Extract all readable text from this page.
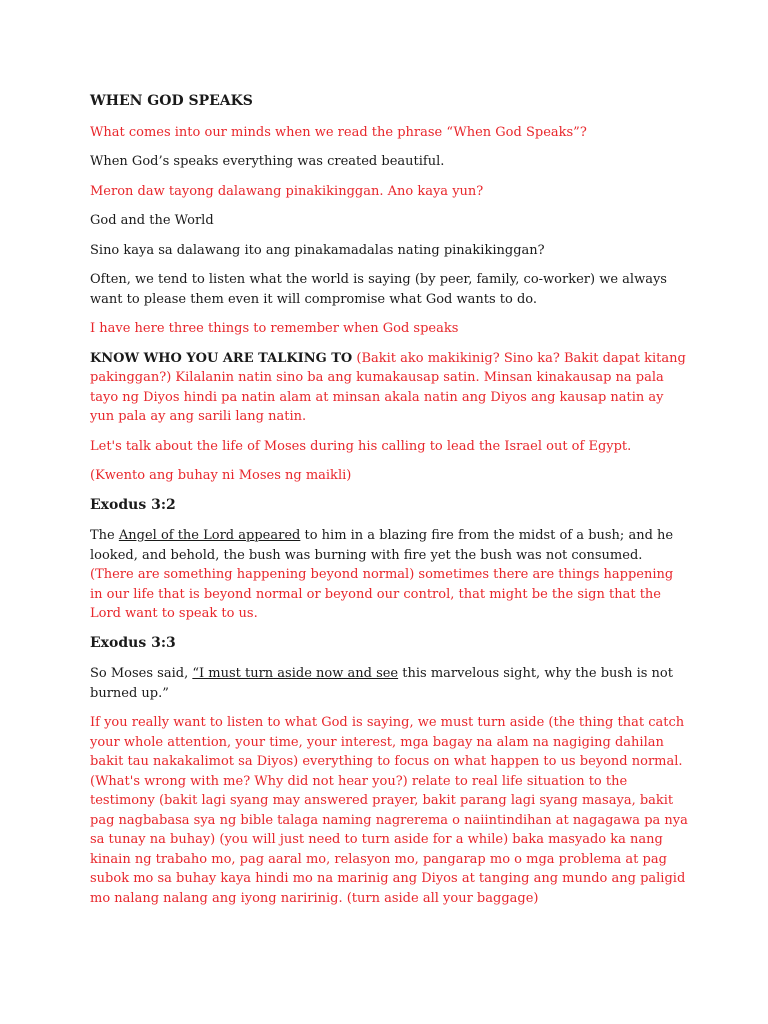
WHEN GOD SPEAKS

What comes into our minds when we read the phrase “When God Speaks”?

When God’s speaks everything was created beautiful.

Meron daw tayong dalawang pinakikinggan. Ano kaya yun?

God and the World

Sino kaya sa dalawang ito ang pinakamadalas nating pinakikinggan?

Often, we tend to listen what the world is saying (by peer, family, co-worker) we always want to please them even it will compromise what God wants to do.

I have here three things to remember when God speaks

KNOW WHO YOU ARE TALKING TO (Bakit ako makikinig? Sino ka? Bakit dapat kitang pakinggan?) Kilalanin natin sino ba ang kumakausap satin. Minsan kinakausap na pala tayo ng Diyos hindi pa natin alam at minsan akala natin ang Diyos ang kausap natin ay yun pala ay ang sarili lang natin.

Let's talk about the life of Moses during his calling to lead the Israel out of Egypt.

(Kwento ang buhay ni Moses ng maikli)

Exodus 3:2

The Angel of the Lord appeared to him in a blazing fire from the midst of a bush; and he looked, and behold, the bush was burning with fire yet the bush was not consumed. (There are something happening beyond normal) sometimes there are things happening in our life that is beyond normal or beyond our control, that might be the sign that the Lord want to speak to us.

Exodus 3:3

So Moses said, “I must turn aside now and see this marvelous sight, why the bush is not burned up.”

If you really want to listen to what God is saying, we must turn aside (the thing that catch your whole attention, your time, your interest, mga bagay na alam na nagiging dahilan bakit tau nakakalimot sa Diyos) everything to focus on what happen to us beyond normal. (What's wrong with me? Why did not hear you?) relate to real life situation to the testimony (bakit lagi syang may answered prayer, bakit parang lagi syang masaya, bakit pag nagbabasa sya ng bible talaga naming nagrerema o naiintindihan at nagagawa pa nya sa tunay na buhay) (you will just need to turn aside for a while) baka masyado ka nang kinain ng trabaho mo, pag aaral mo, relasyon mo, pangarap mo o mga problema at pag subok mo sa buhay kaya hindi mo na marinig ang Diyos at tanging ang mundo ang paligid mo nalang nalang ang iyong naririnig. (turn aside all your baggage)
